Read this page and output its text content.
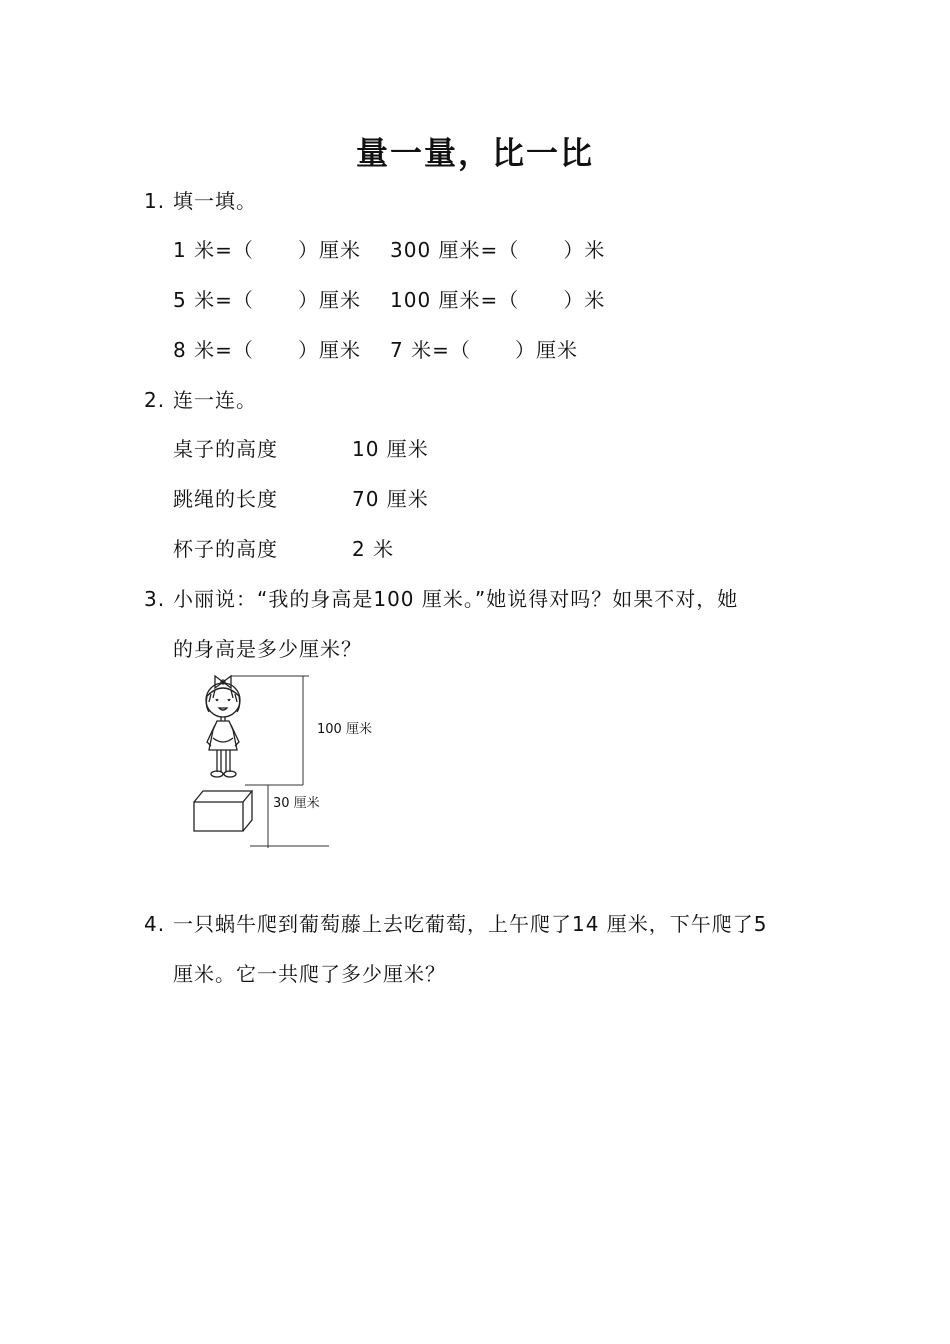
量一量，比一比
1. 填一填。
1 米=（      ）厘米 300 厘米=（      ）米
5 米=（      ）厘米 100 厘米=（      ）米
8 米=（      ）厘米 7 米=（      ）厘米
2. 连一连。
桌子的高度	10 厘米
跳绳的长度	70 厘米
杯子的高度	2 米
3. 小丽说：“我的身高是100 厘米。”她说得对吗？如果不对，她
的身高是多少厘米？
100 厘米
30 厘米
4. 一只蜗牛爬到葡萄藤上去吃葡萄，上午爬了14 厘米，下午爬了5
厘米。它一共爬了多少厘米？
